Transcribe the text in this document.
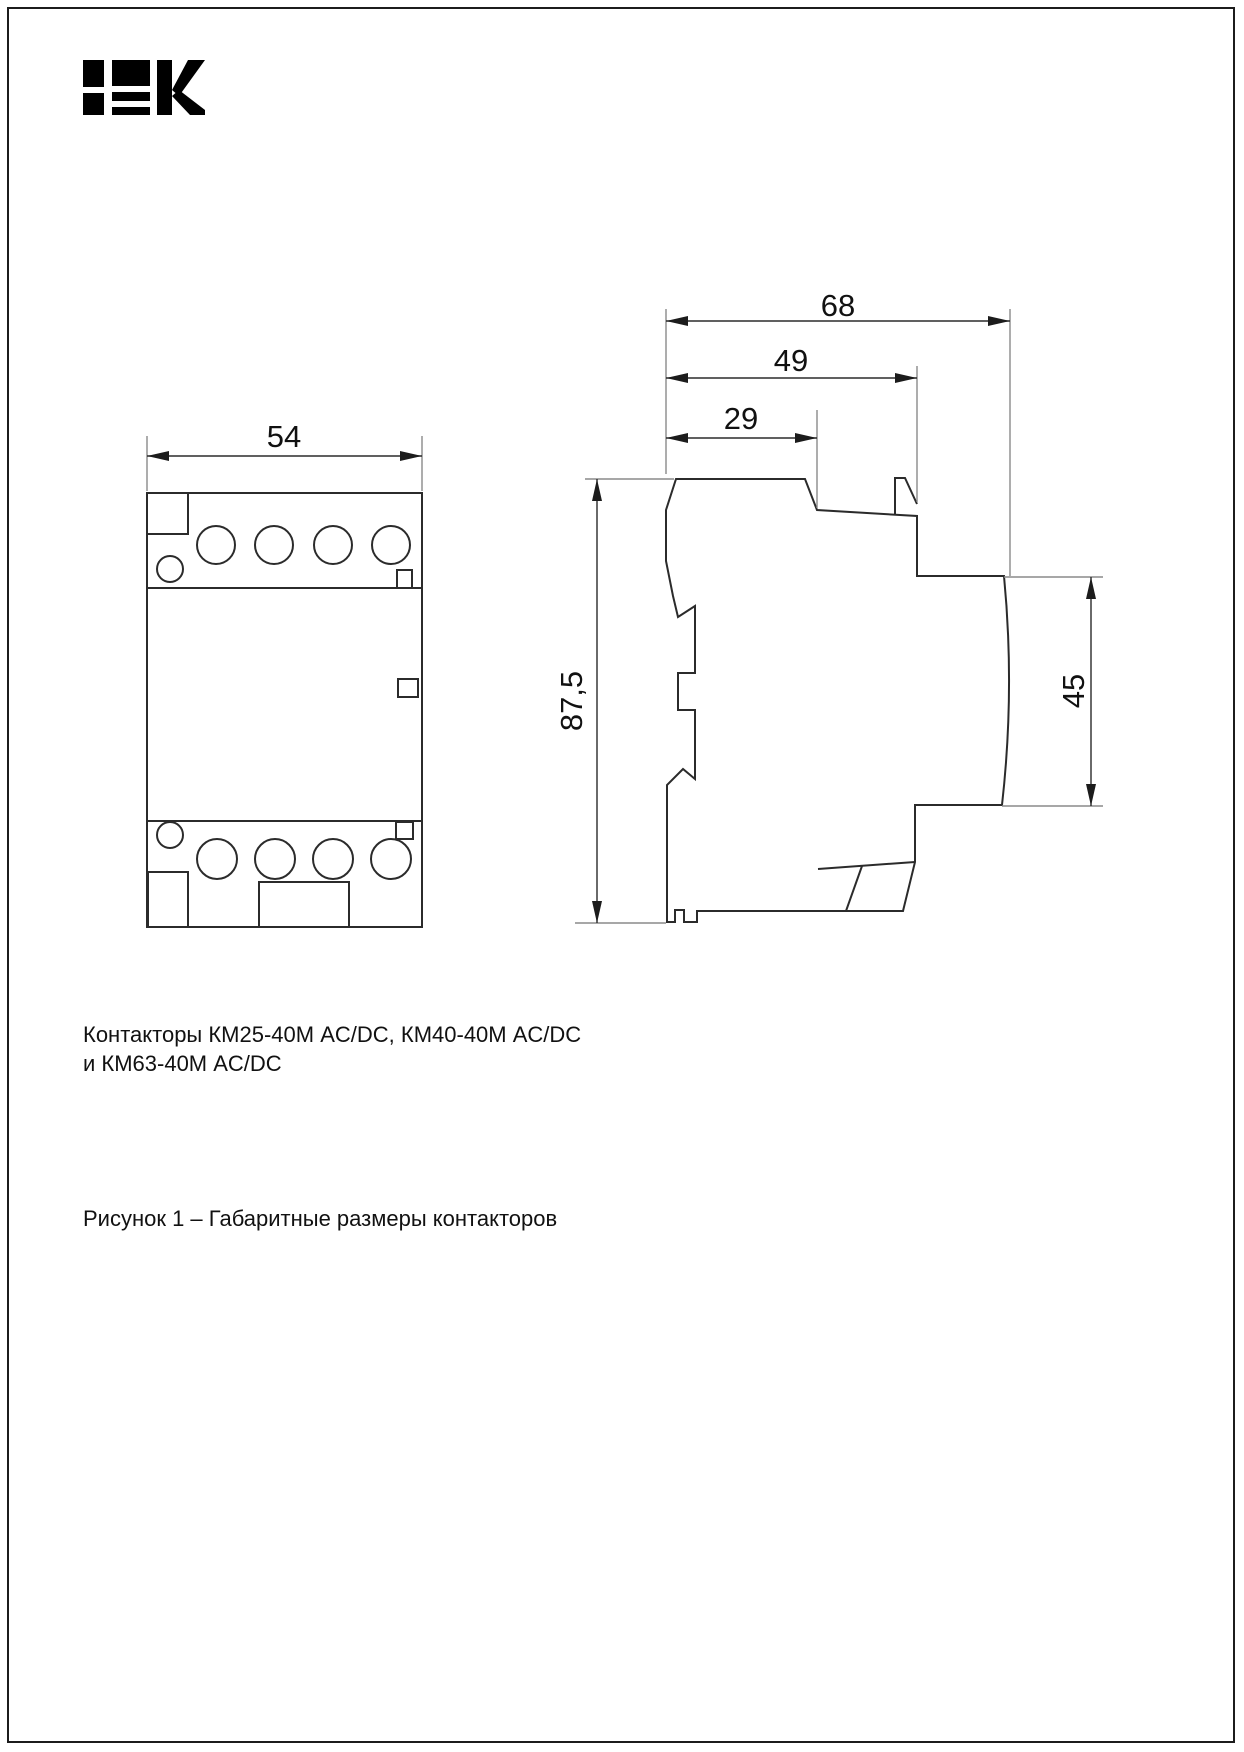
54
68
49
29
87,5	45
Контакторы КМ25-40М AC/DC, КМ40-40М AC/DC
и КМ63-40М AC/DC
Рисунок 1 – Габаритные размеры контакторов
